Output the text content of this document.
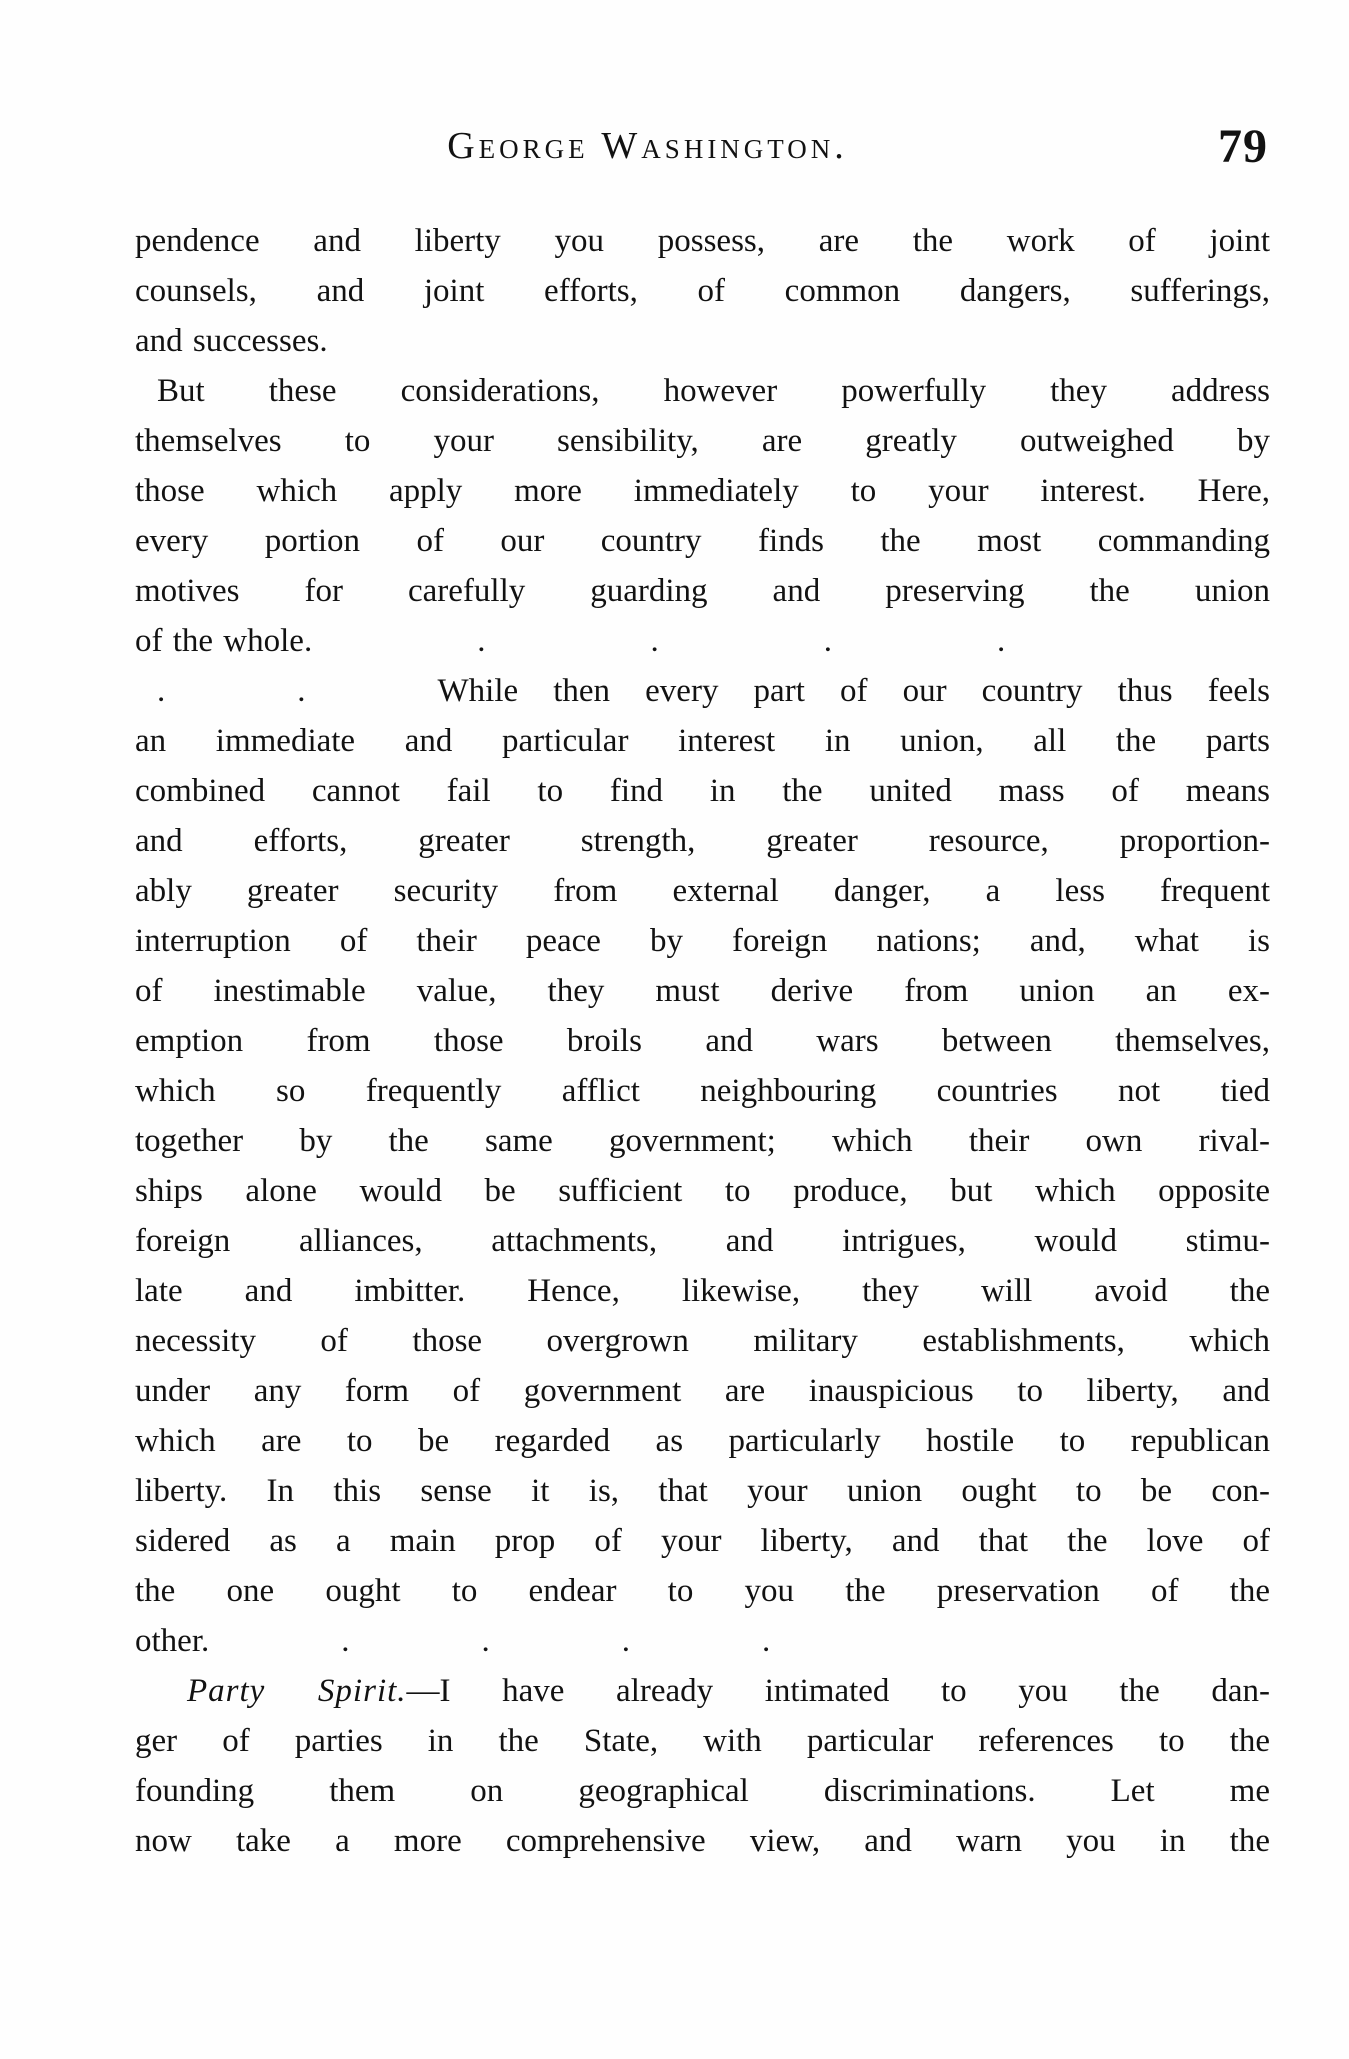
George Washington.	79
pendence and liberty you possess, are the work of joint
counsels, and joint efforts, of common dangers, sufferings,
and successes.
But these considerations, however powerfully they address
themselves to your sensibility, are greatly outweighed by
those which apply more immediately to your interest. Here,
every portion of our country finds the most commanding
motives for carefully guarding and preserving the union
of the whole.     .     .     .     .
.    .    While then every part of our country thus feels
an immediate and particular interest in union, all the parts
combined cannot fail to find in the united mass of means
and efforts, greater strength, greater resource, proportion-
ably greater security from external danger, a less frequent
interruption of their peace by foreign nations; and, what is
of inestimable value, they must derive from union an ex-
emption from those broils and wars between themselves,
which so frequently afflict neighbouring countries not tied
together by the same government; which their own rival-
ships alone would be sufficient to produce, but which opposite
foreign alliances, attachments, and intrigues, would stimu-
late and imbitter. Hence, likewise, they will avoid the
necessity of those overgrown military establishments, which
under any form of government are inauspicious to liberty, and
which are to be regarded as particularly hostile to republican
liberty. In this sense it is, that your union ought to be con-
sidered as a main prop of your liberty, and that the love of
the one ought to endear to you the preservation of the
other.    .    .    .    .
Party Spirit.—I have already intimated to you the dan-
ger of parties in the State, with particular references to the
founding them on geographical discriminations. Let me
now take a more comprehensive view, and warn you in the
